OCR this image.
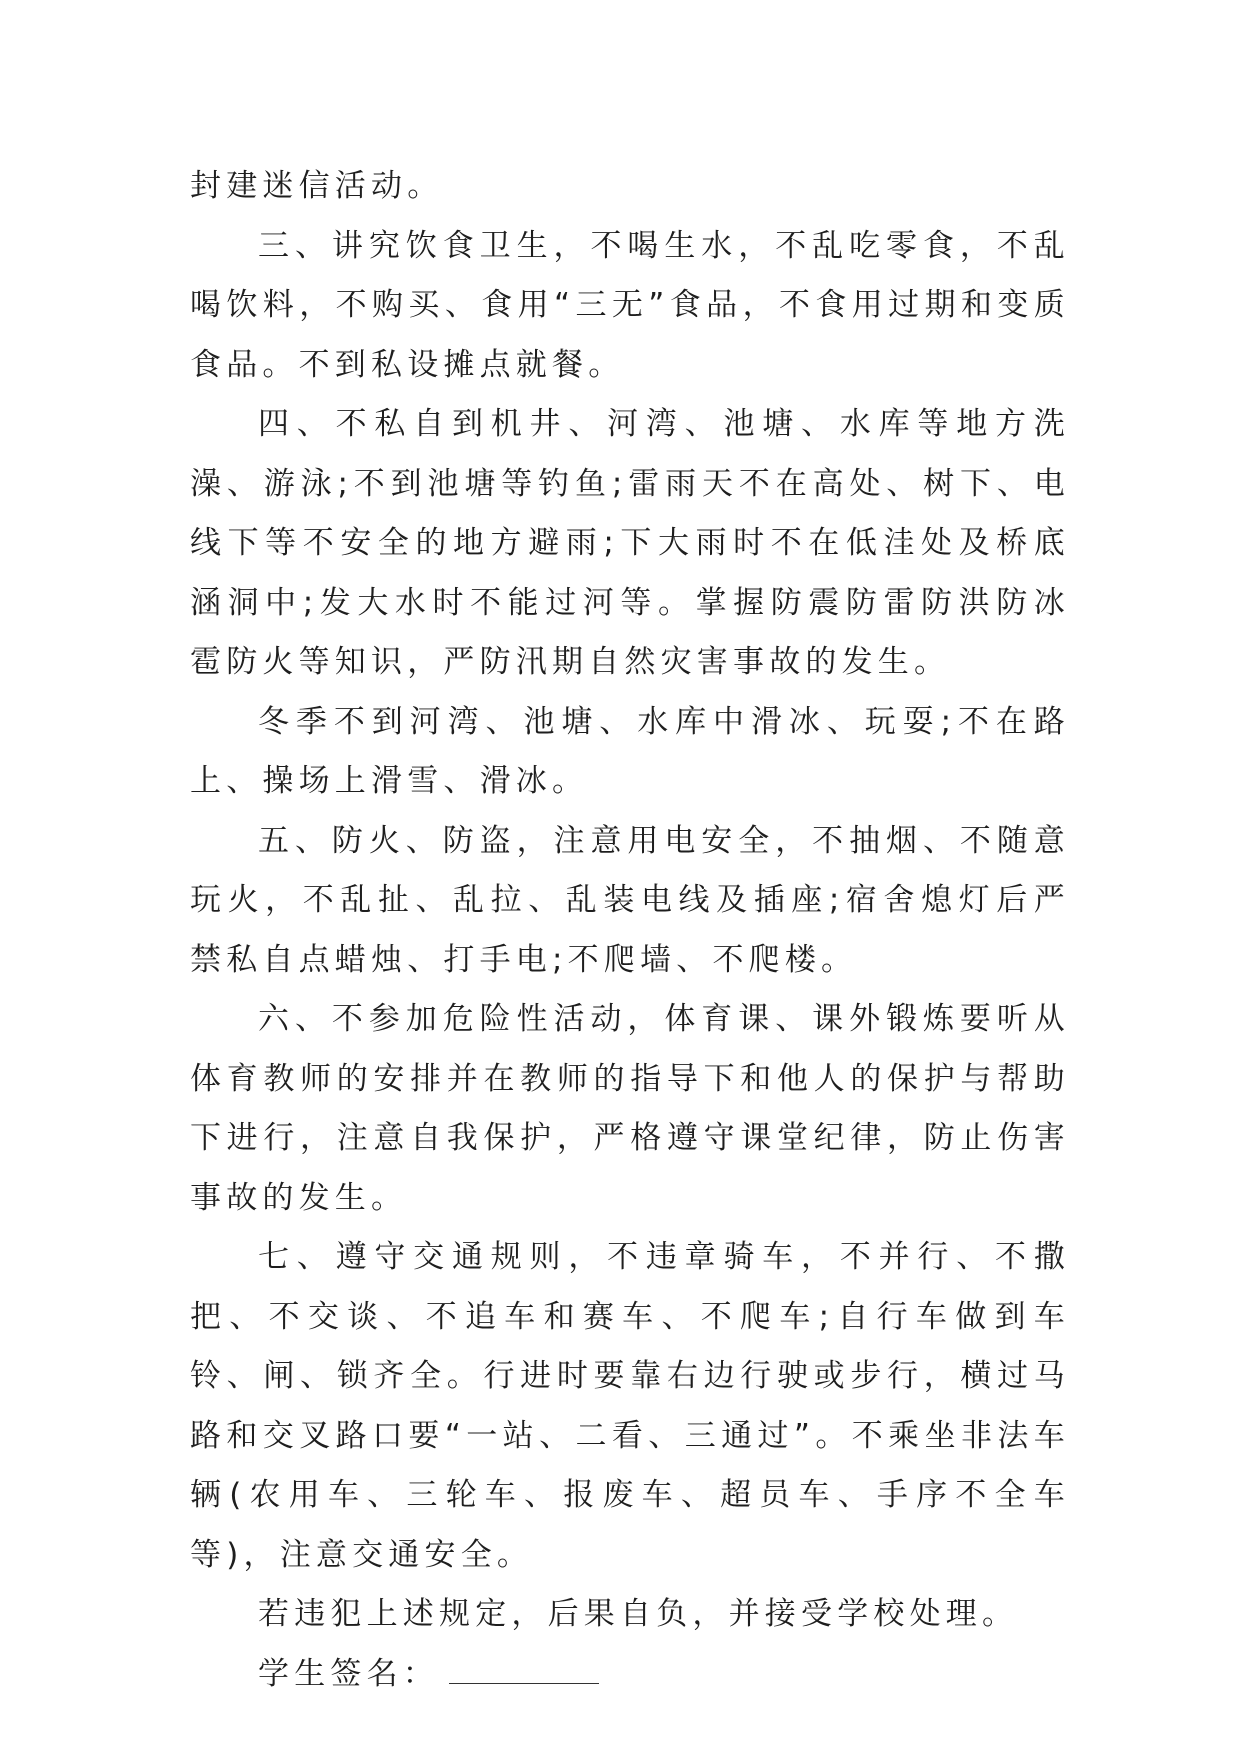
封建迷信活动。

三、讲究饮食卫生，不喝生水，不乱吃零食，不乱喝饮料，不购买、食用“三无”食品，不食用过期和变质食品。不到私设摊点就餐。

四、不私自到机井、河湾、池塘、水库等地方洗澡、游泳;不到池塘等钓鱼;雷雨天不在高处、树下、电线下等不安全的地方避雨;下大雨时不在低洼处及桥底涵洞中;发大水时不能过河等。掌握防震防雷防洪防冰雹防火等知识，严防汛期自然灾害事故的发生。

冬季不到河湾、池塘、水库中滑冰、玩耍;不在路上、操场上滑雪、滑冰。

五、防火、防盗，注意用电安全，不抽烟、不随意玩火，不乱扯、乱拉、乱装电线及插座;宿舍熄灯后严禁私自点蜡烛、打手电;不爬墙、不爬楼。

六、不参加危险性活动，体育课、课外锻炼要听从体育教师的安排并在教师的指导下和他人的保护与帮助下进行，注意自我保护，严格遵守课堂纪律，防止伤害事故的发生。

七、遵守交通规则，不违章骑车，不并行、不撒把、不交谈、不追车和赛车、不爬车;自行车做到车铃、闸、锁齐全。行进时要靠右边行驶或步行，横过马路和交叉路口要“一站、二看、三通过”。不乘坐非法车辆(农用车、三轮车、报废车、超员车、手序不全车等)，注意交通安全。

若违犯上述规定，后果自负，并接受学校处理。

学生签名：
